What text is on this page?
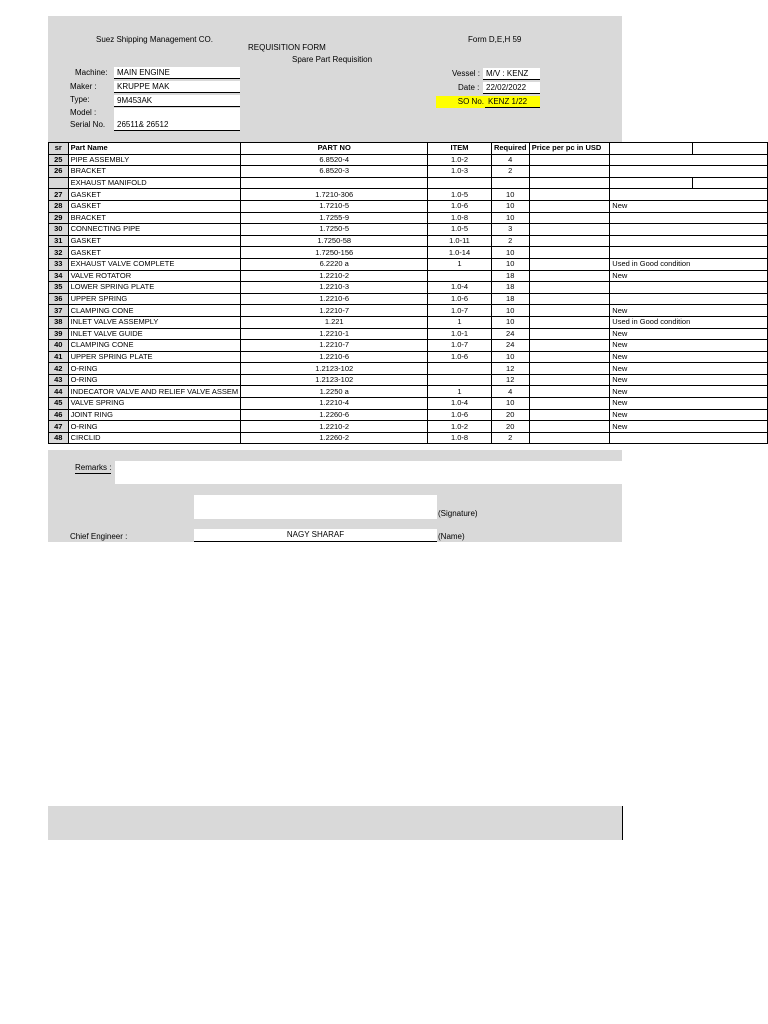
Suez Shipping Management CO.
REQUISITION FORM
Spare Part Requisition
Form D,E,H 59
Machine:	MAIN ENGINE
Maker :	KRUPPE MAK
Type:	9M453AK
Model :
Serial No.	26511& 26512
Vessel : M/V : KENZ
Date : 22/02/2022
SO No. KENZ 1/22
sr	Part Name	PART NO	ITEM	Required	Price per pc in USD		
25	PIPE ASSEMBLY	6.8520-4	1.0-2	4			
26	BRACKET	6.8520-3	1.0-3	2			
	EXHAUST MANIFOLD						
27	GASKET	1.7210-306	1.0-5	10			
28	GASKET	1.7210-5	1.0-6	10		New	
29	BRACKET	1.7255-9	1.0-8	10			
30	CONNECTING PIPE	1.7250-5	1.0-5	3			
31	GASKET	1.7250-58	1.0-11	2			
32	GASKET	1.7250-156	1.0-14	10			
33	EXHAUST VALVE COMPLETE	6.2220 a	1	10		Used in Good condition	
34	VALVE ROTATOR	1.2210-2		18		New	
35	LOWER SPRING PLATE	1.2210-3	1.0-4	18			
36	UPPER SPRING	1.2210-6	1.0-6	18			
37	CLAMPING CONE	1.2210-7	1.0-7	10		New	
38	INLET VALVE ASSEMPLY	1.221	1	10		Used in Good condition	
39	INLET VALVE GUIDE	1.2210-1	1.0-1	24		New	
40	CLAMPING CONE	1.2210-7	1.0-7	24		New	
41	UPPER SPRING PLATE	1.2210-6	1.0-6	10		New	
42	O-RING	1.2123-102		12		New	
43	O-RING	1.2123-102		12		New	
44	INDECATOR VALVE AND RELIEF VALVE ASSEM	1.2250 a	1	4		New	
45	VALVE SPRING	1.2210-4	1.0-4	10		New	
46	JOINT RING	1.2260-6	1.0-6	20		New	
47	O-RING	1.2210-2	1.0-2	20		New	
48	CIRCLID	1.2260-2	1.0-8	2			
Remarks :
(Signature)
Chief Engineer :	NAGY SHARAF	(Name)
